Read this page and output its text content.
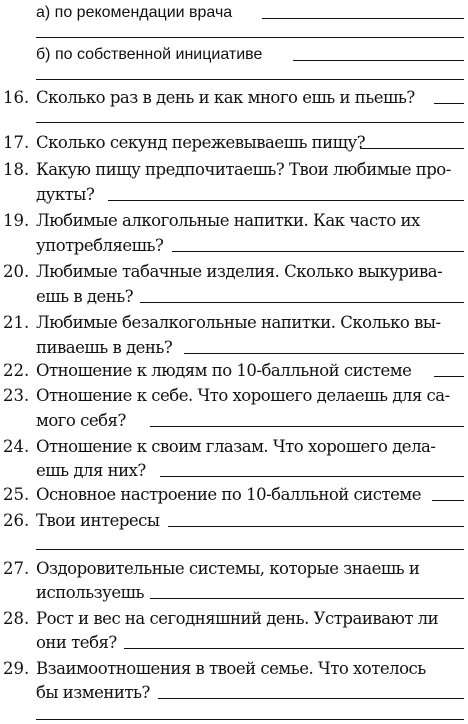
а) по рекомендации врача
б) по собственной инициативе
16. Сколько раз в день и как много ешь и пьешь?
17. Сколько секунд пережевываешь пищу?
18. Какую пищу предпочитаешь? Твои любимые про-
дукты?
19. Любимые алкогольные напитки. Как часто их
употребляешь?
20. Любимые табачные изделия. Сколько выкурива-
ешь в день?
21. Любимые безалкогольные напитки. Сколько вы-
пиваешь в день?
22. Отношение к людям по 10-балльной системе
23. Отношение к себе. Что хорошего делаешь для са-
мого себя?
24. Отношение к своим глазам. Что хорошего дела-
ешь для них?
25. Основное настроение по 10-балльной системе
26. Твои интересы
27. Оздоровительные системы, которые знаешь и
используешь
28. Рост и вес на сегодняшний день. Устраивают ли
они тебя?
29. Взаимоотношения в твоей семье. Что хотелось
бы изменить?
